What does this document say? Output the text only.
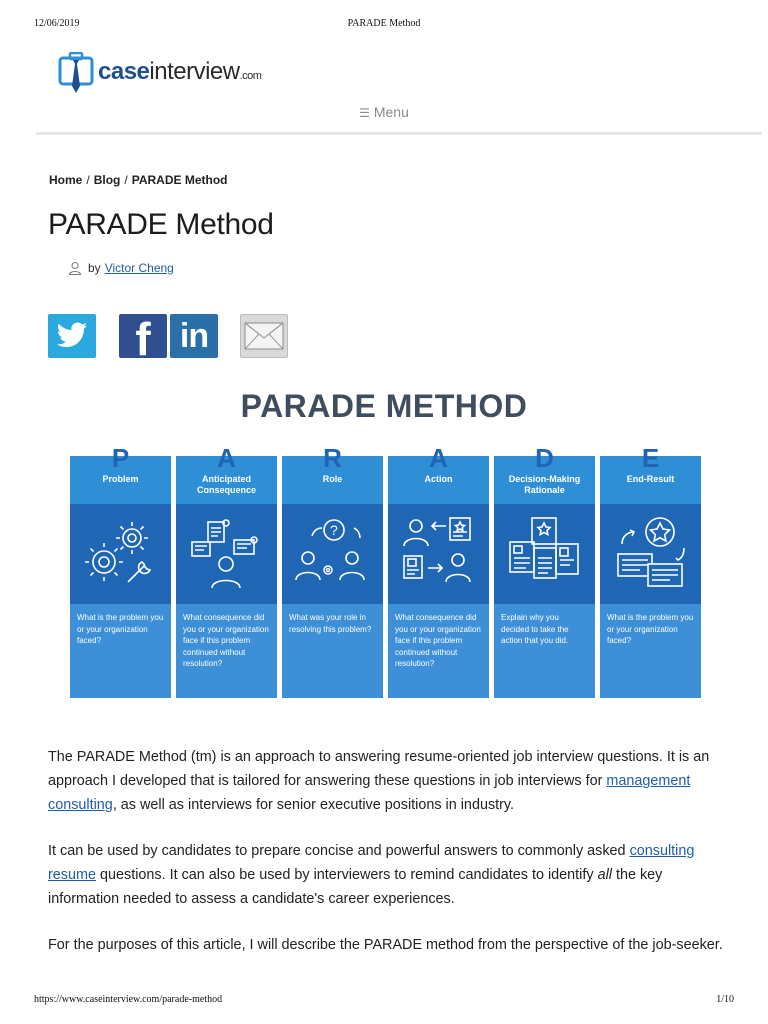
12/06/2019	PARADE Method
caseinterview.com
☰ Menu
Home / Blog / PARADE Method
PARADE Method
by Victor Cheng
f in
PARADE METHOD
Problem
P
What is the problem you or your organization faced?
Anticipated Consequence
A
What consequence did you or your organization face if this problem continued without resolution?
Role
R
?
What was your role in resolving this problem?
Action
A
What consequence did you or your organization face if this problem continued without resolution?
Decision-Making Rationale
D
Explain why you decided to take the action that you did.
End-Result
E
What is the problem you or your organization faced?

The PARADE Method (tm) is an approach to answering resume-oriented job interview questions. It is an approach I developed that is tailored for answering these questions in job interviews for management consulting, as well as interviews for senior executive positions in industry.

It can be used by candidates to prepare concise and powerful answers to commonly asked consulting resume questions. It can also be used by interviewers to remind candidates to identify all the key information needed to assess a candidate's career experiences.

For the purposes of this article, I will describe the PARADE method from the perspective of the job-seeker.

https://www.caseinterview.com/parade-method	1/10
